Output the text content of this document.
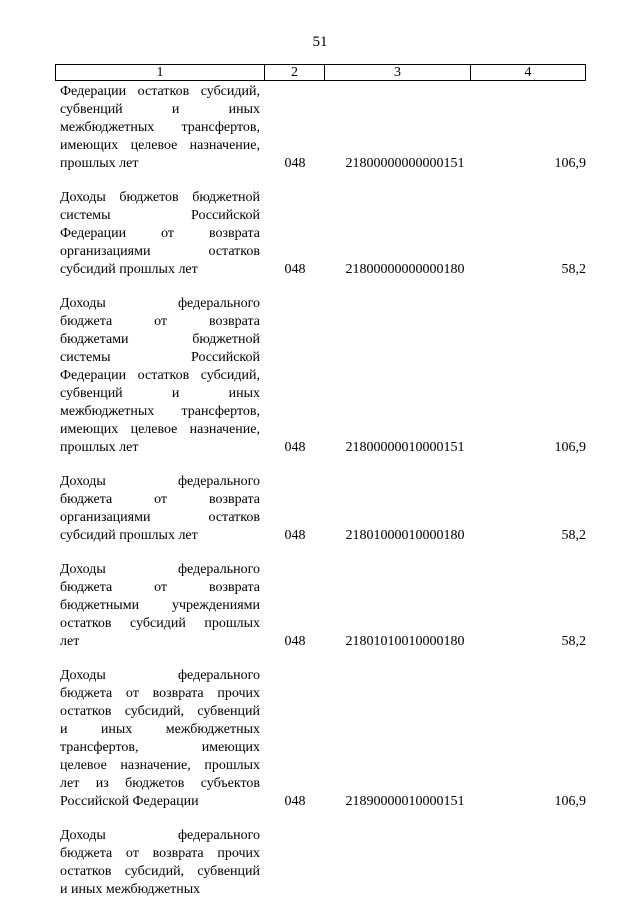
51
1	2	3	4
Федерации остатков субсидий,
субвенций и иных
межбюджетных трансфертов,
имеющих целевое назначение,
прошлых лет	048	21800000000000151	106,9
Доходы бюджетов бюджетной
системы Российской
Федерации от возврата
организациями остатков
субсидий прошлых лет	048	21800000000000180	58,2
Доходы федерального
бюджета от возврата
бюджетами бюджетной
системы Российской
Федерации остатков субсидий,
субвенций и иных
межбюджетных трансфертов,
имеющих целевое назначение,
прошлых лет	048	21800000010000151	106,9
Доходы федерального
бюджета от возврата
организациями остатков
субсидий прошлых лет	048	21801000010000180	58,2
Доходы федерального
бюджета от возврата
бюджетными учреждениями
остатков субсидий прошлых
лет	048	21801010010000180	58,2
Доходы федерального
бюджета от возврата прочих
остатков субсидий, субвенций
и иных межбюджетных
трансфертов, имеющих
целевое назначение, прошлых
лет из бюджетов субъектов
Российской Федерации	048	21890000010000151	106,9
Доходы федерального
бюджета от возврата прочих
остатков субсидий, субвенций
и иных межбюджетных
